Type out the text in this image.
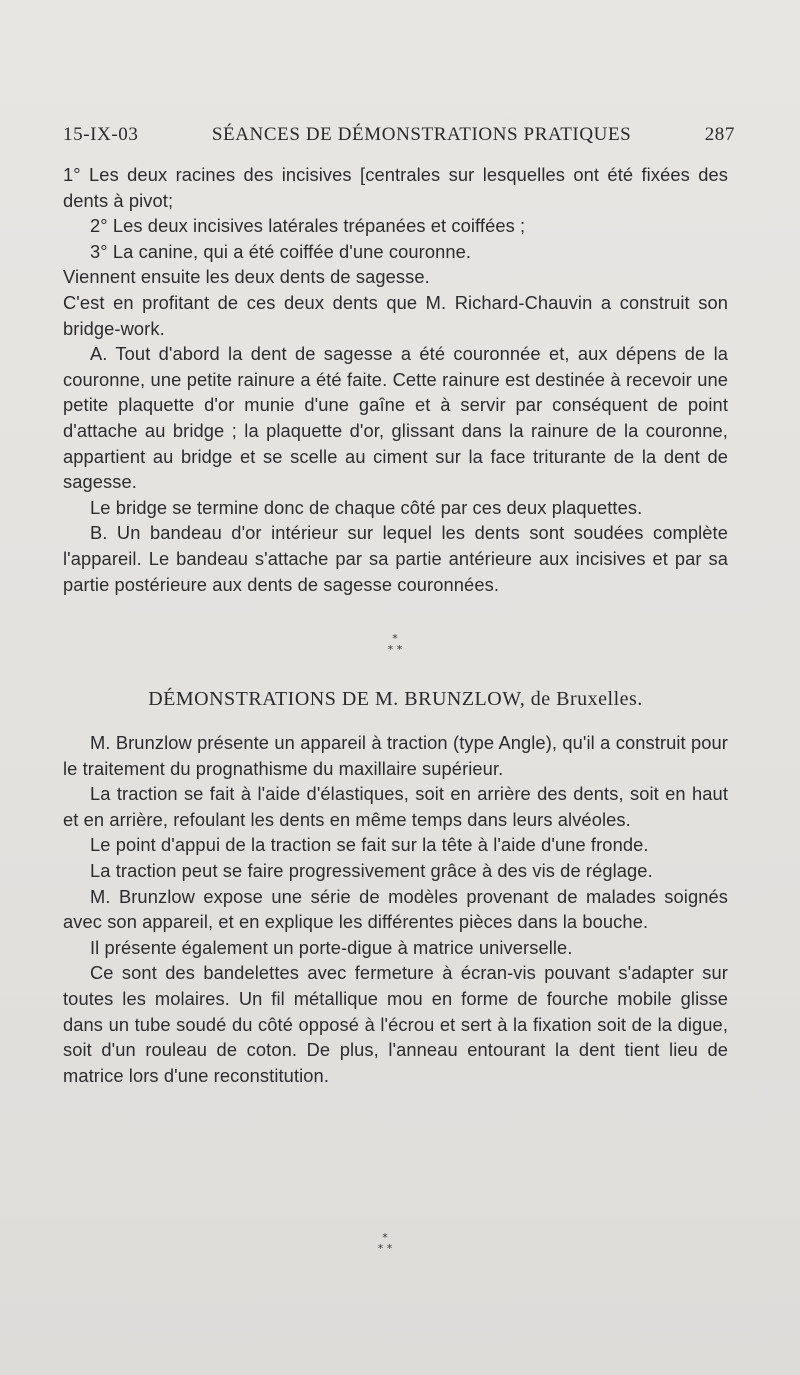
15-IX-03	SÉANCES DE DÉMONSTRATIONS PRATIQUES	287

1° Les deux racines des incisives [centrales sur lesquelles ont été fixées des dents à pivot;

2° Les deux incisives latérales trépanées et coiffées ;

3° La canine, qui a été coiffée d'une couronne.

Viennent ensuite les deux dents de sagesse.

C'est en profitant de ces deux dents que M. Richard-Chauvin a construit son bridge-work.

A. Tout d'abord la dent de sagesse a été couronnée et, aux dépens de la couronne, une petite rainure a été faite. Cette rainure est destinée à recevoir une petite plaquette d'or munie d'une gaîne et à servir par conséquent de point d'attache au bridge ; la plaquette d'or, glissant dans la rainure de la couronne, appartient au bridge et se scelle au ciment sur la face triturante de la dent de sagesse.

Le bridge se termine donc de chaque côté par ces deux plaquettes.

B. Un bandeau d'or intérieur sur lequel les dents sont soudées complète l'appareil. Le bandeau s'attache par sa partie antérieure aux incisives et par sa partie postérieure aux dents de sagesse couronnées.

*
* *
DÉMONSTRATIONS DE M. BRUNZLOW, de Bruxelles.

M. Brunzlow présente un appareil à traction (type Angle), qu'il a construit pour le traitement du prognathisme du maxillaire supérieur.

La traction se fait à l'aide d'élastiques, soit en arrière des dents, soit en haut et en arrière, refoulant les dents en même temps dans leurs alvéoles.

Le point d'appui de la traction se fait sur la tête à l'aide d'une fronde.

La traction peut se faire progressivement grâce à des vis de réglage.

M. Brunzlow expose une série de modèles provenant de malades soignés avec son appareil, et en explique les différentes pièces dans la bouche.

Il présente également un porte-digue à matrice universelle.

Ce sont des bandelettes avec fermeture à écran-vis pouvant s'adapter sur toutes les molaires. Un fil métallique mou en forme de fourche mobile glisse dans un tube soudé du côté opposé à l'écrou et sert à la fixation soit de la digue, soit d'un rouleau de coton. De plus, l'anneau entourant la dent tient lieu de matrice lors d'une reconstitution.

*
* *
